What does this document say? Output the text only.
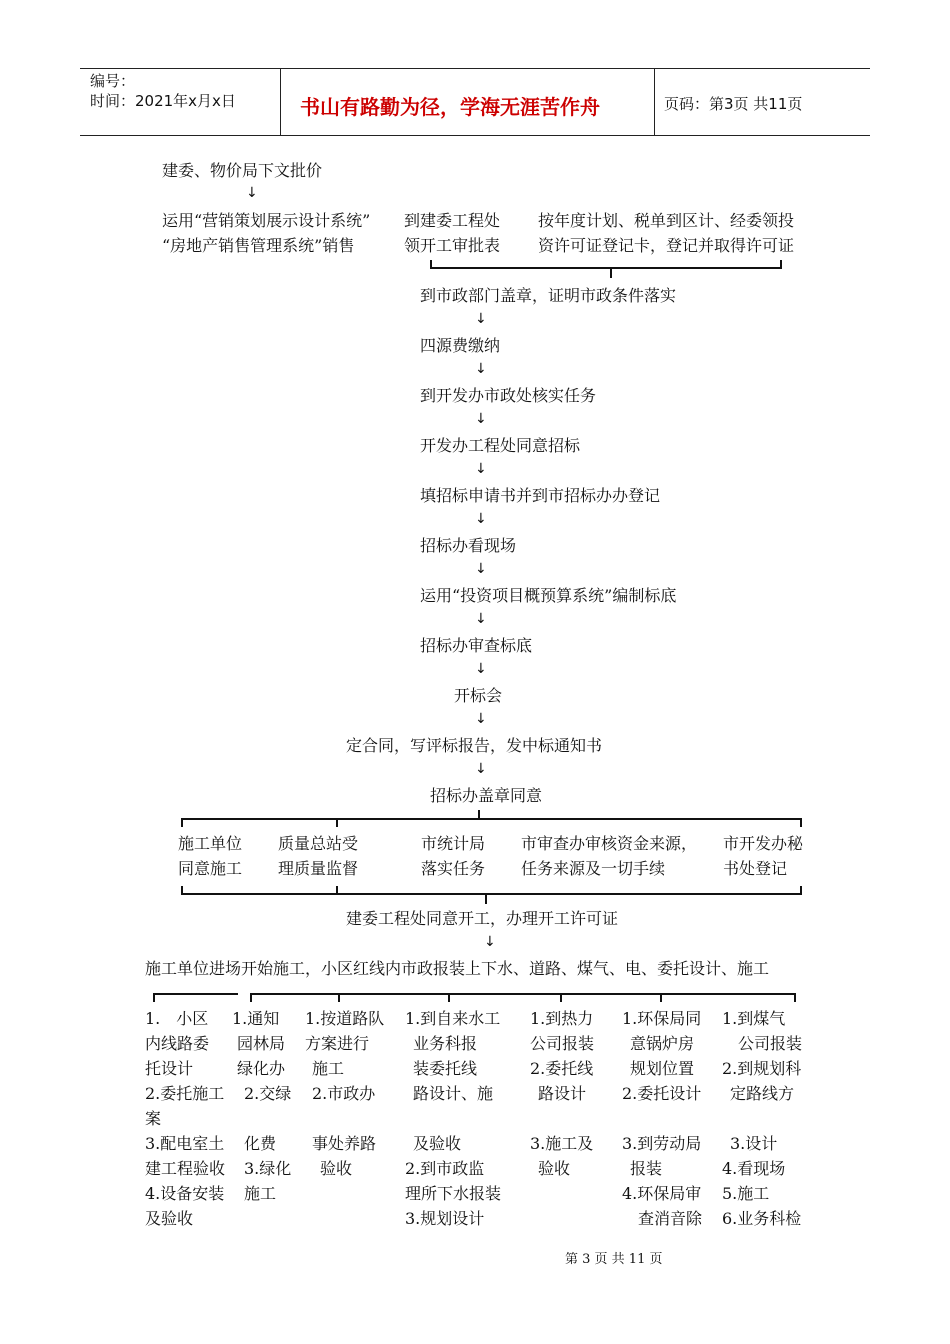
编号：
时间：2021年x月x日	书山有路勤为径，学海无涯苦作舟	页码：第3页 共11页
建委、物价局下文批价
↓
运用“营销策划展示设计系统”
“房地产销售管理系统”销售
到建委工程处
领开工审批表
按年度计划、税单到区计、经委领投
资许可证登记卡，登记并取得许可证
到市政部门盖章，证明市政条件落实
↓
四源费缴纳
↓
到开发办市政处核实任务
↓
开发办工程处同意招标
↓
填招标申请书并到市招标办办登记
↓
招标办看现场
↓
运用“投资项目概预算系统”编制标底
↓
招标办审查标底
↓
开标会
↓
定合同，写评标报告，发中标通知书
↓
招标办盖章同意
施工单位
同意施工
质量总站受
理质量监督
市统计局
落实任务
市审查办审核资金来源，
任务来源及一切手续
市开发办秘
书处登记
建委工程处同意开工，办理开工许可证
↓
施工单位进场开始施工，小区红线内市政报装上下水、道路、煤气、电、委托设计、施工
1.　小区
内线路委
托设计
2.委托施工
案
3.配电室土
建工程验收
4.设备安装
及验收
1.通知
园林局
绿化办
2.交绿
化费
3.绿化
施工
1.按道路队
方案进行
施工
2.市政办
事处养路
验收
1.到自来水工
业务科报
装委托线
路设计、施
及验收
2.到市政监
理所下水报装
3.规划设计
1.到热力
公司报装
2.委托线
路设计
3.施工及
验收
1.环保局同
意锅炉房
规划位置
2.委托设计
3.到劳动局
报装
4.环保局审
查消音除
1.到煤气
公司报装
2.到规划科
定路线方
3.设计
4.看现场
5.施工
6.业务科检
第 3 页 共 11 页
